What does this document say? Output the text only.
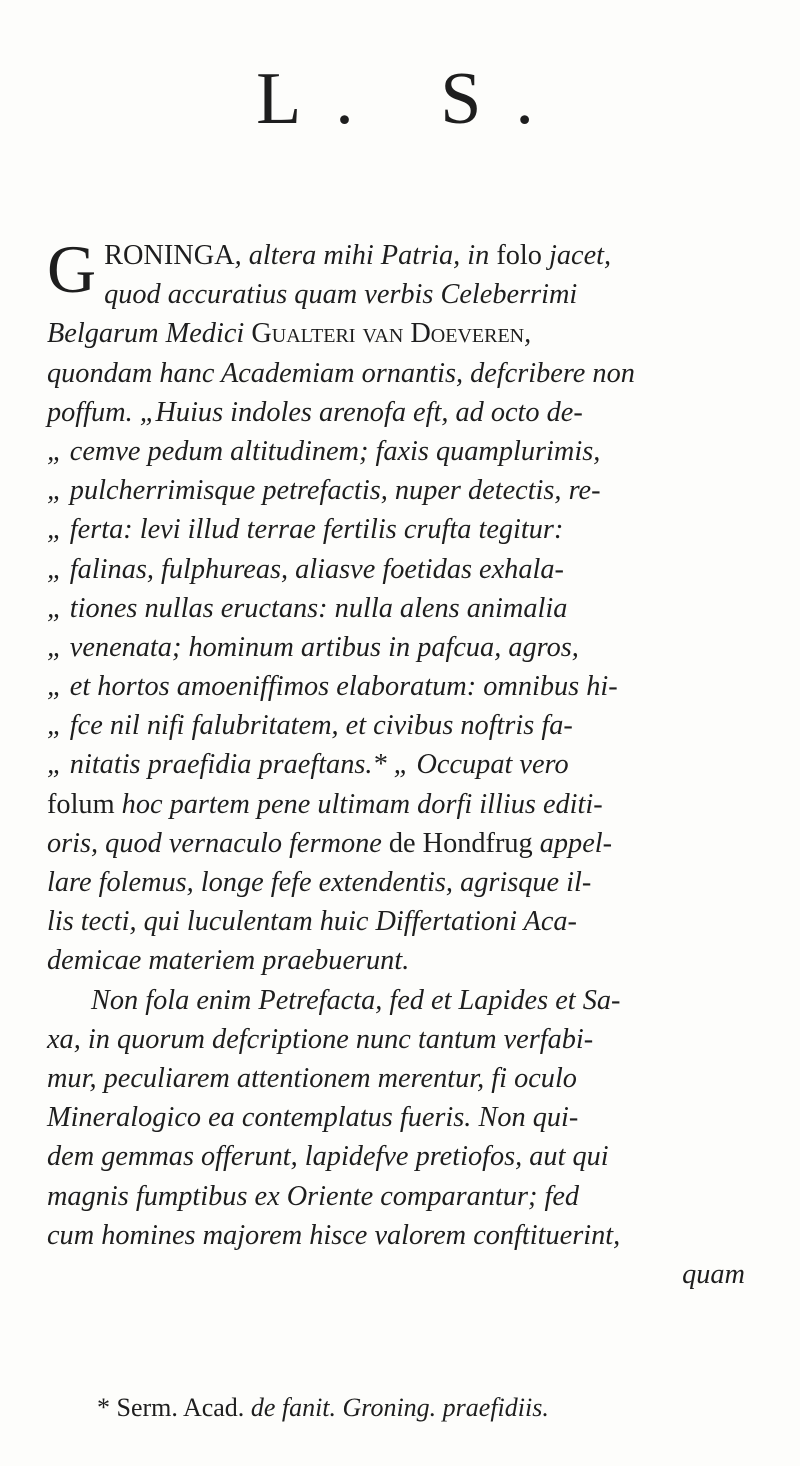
L. S.
GRONINGA, altera mihi Patria, in folo jacet,
quod accuratius quam verbis Celeberrimi
Belgarum Medici Gualteri van Doeveren,
quondam hanc Academiam ornantis, defcribere non
poffum. „Huius indoles arenofa eft, ad octo de-
„ cemve pedum altitudinem; faxis quamplurimis,
„ pulcherrimisque petrefactis, nuper detectis, re-
„ ferta: levi illud terrae fertilis crufta tegitur:
„ falinas, fulphureas, aliasve foetidas exhala-
„ tiones nullas eructans: nulla alens animalia
„ venenata; hominum artibus in pafcua, agros,
„ et hortos amoeniffimos elaboratum: omnibus hi-
„ fce nil nifi falubritatem, et civibus noftris fa-
„ nitatis praefidia praeftans.* „ Occupat vero
folum hoc partem pene ultimam dorfi illius editi-
oris, quod vernaculo fermone de Hondfrug appel-
lare folemus, longe fefe extendentis, agrisque il-
lis tecti, qui luculentam huic Differtationi Aca-
demicae materiem praebuerunt.
Non fola enim Petrefacta, fed et Lapides et Sa-
xa, in quorum defcriptione nunc tantum verfabi-
mur, peculiarem attentionem merentur, fi oculo
Mineralogico ea contemplatus fueris. Non qui-
dem gemmas offerunt, lapidefve pretiofos, aut qui
magnis fumptibus ex Oriente comparantur; fed
cum homines majorem hisce valorem conftituerint,
quam
* Serm. Acad. de fanit. Groning. praefidiis.
